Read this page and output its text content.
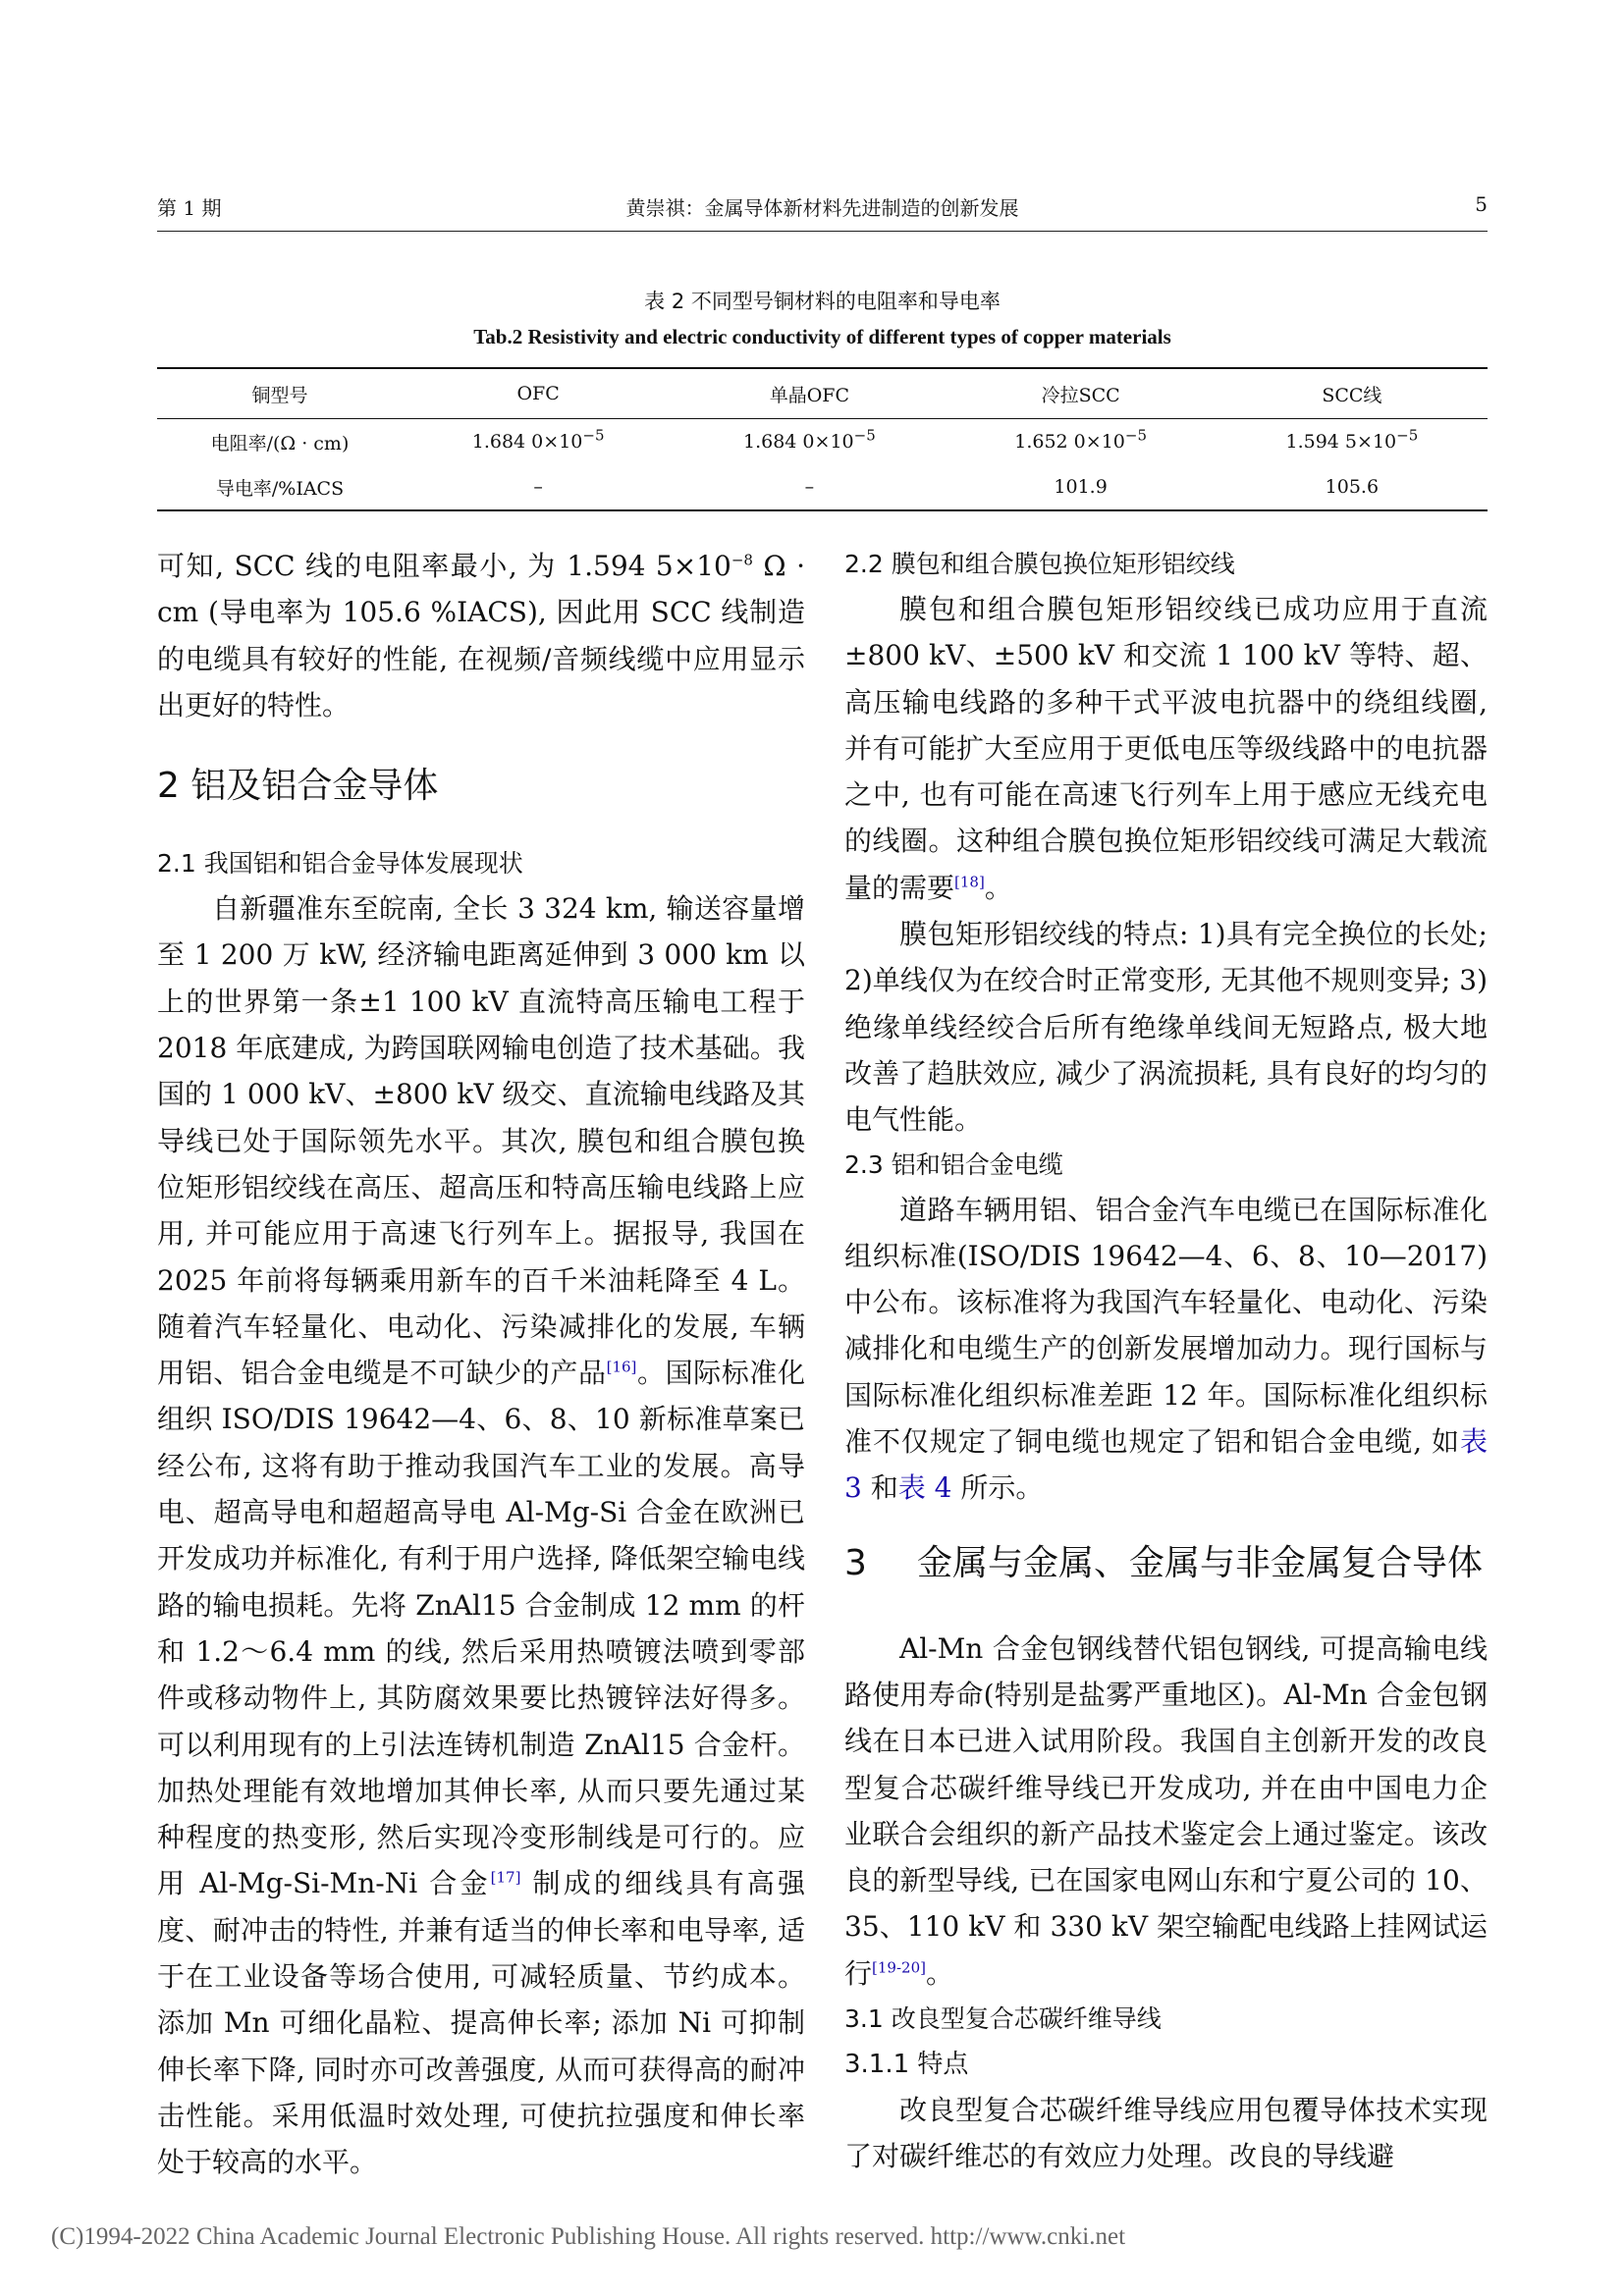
第 1 期	黄崇祺：金属导体新材料先进制造的创新发展	5
表 2 不同型号铜材料的电阻率和导电率
Tab.2 Resistivity and electric conductivity of different types of copper materials
铜型号	OFC	单晶OFC	冷拉SCC	SCC线
电阻率/(Ω · cm)	1.684 $0\times 10^{-5}$	1.684 $0\times 10^{-5}$	1.652 $0\times 10^{-5}$	1.594 $5\times 10^{-5}$
导电率/%IACS	–	–	101.9	105.6

可知, SCC 线的电阻率最小, 为 1.594 $5\times 10^{-8}$ Ω · cm (导电率为 105.6 %IACS), 因此用 SCC 线制造的电缆具有较好的性能, 在视频/音频线缆中应用显示出更好的特性。

2 铝及铝合金导体
2.1 我国铝和铝合金导体发展现状

自新疆准东至皖南, 全长 3 324 km, 输送容量增至 1 200 万 kW, 经济输电距离延伸到 3 000 km 以上的世界第一条±1 100 kV 直流特高压输电工程于 2018 年底建成, 为跨国联网输电创造了技术基础。我国的 1 000 kV、±800 kV 级交、直流输电线路及其导线已处于国际领先水平。其次, 膜包和组合膜包换位矩形铝绞线在高压、超高压和特高压输电线路上应用, 并可能应用于高速飞行列车上。据报导, 我国在 2025 年前将每辆乘用新车的百千米油耗降至 4 L。随着汽车轻量化、电动化、污染减排化的发展, 车辆用铝、铝合金电缆是不可缺少的产品[16]。国际标准化组织 ISO/DIS 19642—4、6、8、10 新标准草案已经公布, 这将有助于推动我国汽车工业的发展。高导电、超高导电和超超高导电 Al-Mg-Si 合金在欧洲已开发成功并标准化, 有利于用户选择, 降低架空输电线路的输电损耗。先将 ZnAl15 合金制成 12 mm 的杆和 1.2～6.4 mm 的线, 然后采用热喷镀法喷到零部件或移动物件上, 其防腐效果要比热镀锌法好得多。可以利用现有的上引法连铸机制造 ZnAl15 合金杆。加热处理能有效地增加其伸长率, 从而只要先通过某种程度的热变形, 然后实现冷变形制线是可行的。应用 Al-Mg-Si-Mn-Ni 合金[17] 制成的细线具有高强度、耐冲击的特性, 并兼有适当的伸长率和电导率, 适于在工业设备等场合使用, 可减轻质量、节约成本。添加 Mn 可细化晶粒、提高伸长率; 添加 Ni 可抑制伸长率下降, 同时亦可改善强度, 从而可获得高的耐冲击性能。采用低温时效处理, 可使抗拉强度和伸长率处于较高的水平。

2.2 膜包和组合膜包换位矩形铝绞线

膜包和组合膜包矩形铝绞线已成功应用于直流±800 kV、±500 kV 和交流 1 100 kV 等特、超、高压输电线路的多种干式平波电抗器中的绕组线圈, 并有可能扩大至应用于更低电压等级线路中的电抗器之中, 也有可能在高速飞行列车上用于感应无线充电的线圈。这种组合膜包换位矩形铝绞线可满足大载流量的需要[18]。

膜包矩形铝绞线的特点: 1)具有完全换位的长处; 2)单线仅为在绞合时正常变形, 无其他不规则变异; 3)绝缘单线经绞合后所有绝缘单线间无短路点, 极大地改善了趋肤效应, 减少了涡流损耗, 具有良好的均匀的电气性能。

2.3 铝和铝合金电缆

道路车辆用铝、铝合金汽车电缆已在国际标准化组织标准(ISO/DIS 19642—4、6、8、10—2017)中公布。该标准将为我国汽车轻量化、电动化、污染减排化和电缆生产的创新发展增加动力。现行国标与国际标准化组织标准差距 12 年。国际标准化组织标准不仅规定了铜电缆也规定了铝和铝合金电缆, 如表 3 和表 4 所示。

3 金属与金属、金属与非金属复合导体

Al-Mn 合金包钢线替代铝包钢线, 可提高输电线路使用寿命(特别是盐雾严重地区)。Al-Mn 合金包钢线在日本已进入试用阶段。我国自主创新开发的改良型复合芯碳纤维导线已开发成功, 并在由中国电力企业联合会组织的新产品技术鉴定会上通过鉴定。该改良的新型导线, 已在国家电网山东和宁夏公司的 10、35、110 kV 和 330 kV 架空输配电线路上挂网试运行[19-20]。

3.1 改良型复合芯碳纤维导线
3.1.1 特点

改良型复合芯碳纤维导线应用包覆导体技术实现了对碳纤维芯的有效应力处理。改良的导线避

(C)1994-2022 China Academic Journal Electronic Publishing House. All rights reserved. http://www.cnki.net
